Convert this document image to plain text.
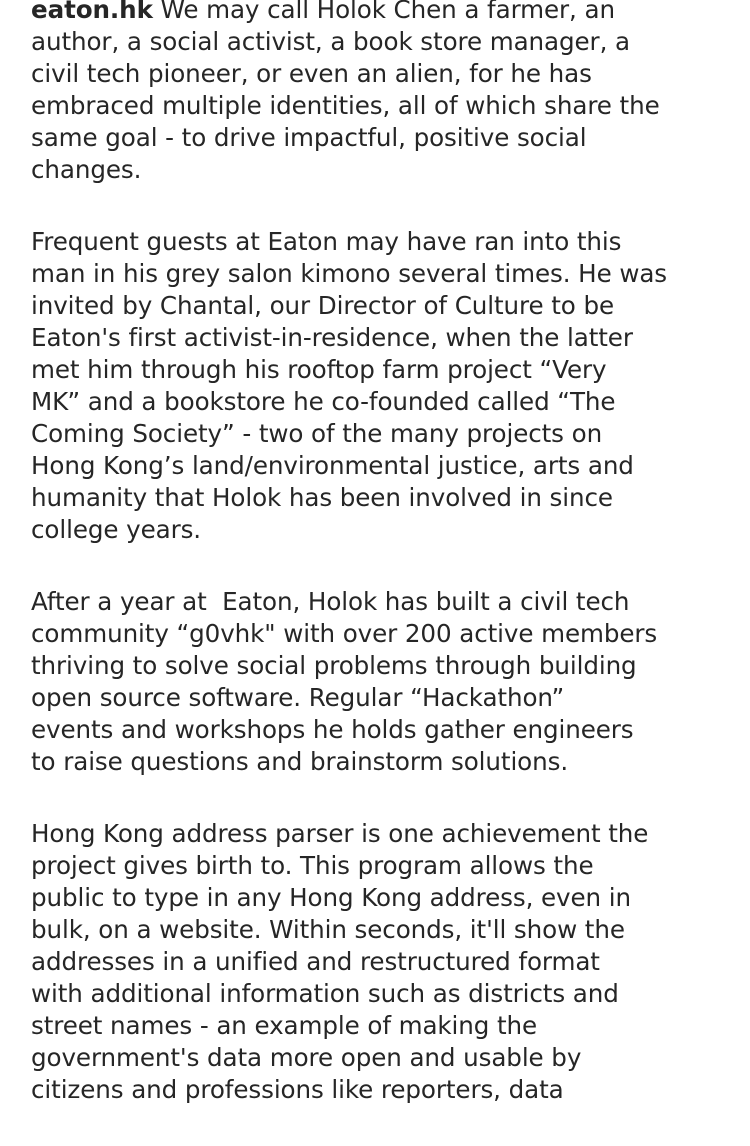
eaton.hk We may call Holok Chen a farmer, an
author, a social activist, a book store manager, a
civil tech pioneer, or even an alien, for he has
embraced multiple identities, all of which share the
same goal - to drive impactful, positive social
changes.
Frequent guests at Eaton may have ran into this
man in his grey salon kimono several times. He was
invited by Chantal, our Director of Culture to be
Eaton's first activist-in-residence, when the latter
met him through his rooftop farm project “Very
MK” and a bookstore he co-founded called “The
Coming Society” - two of the many projects on
Hong Kong’s land/environmental justice, arts and
humanity that Holok has been involved in since
college years.
After a year at  Eaton, Holok has built a civil tech
community “g0vhk" with over 200 active members
thriving to solve social problems through building
open source software. Regular “Hackathon”
events and workshops he holds gather engineers
to raise questions and brainstorm solutions.
Hong Kong address parser is one achievement the
project gives birth to. This program allows the
public to type in any Hong Kong address, even in
bulk, on a website. Within seconds, it'll show the
addresses in a unified and restructured format
with additional information such as districts and
street names - an example of making the
government's data more open and usable by
citizens and professions like reporters, data
